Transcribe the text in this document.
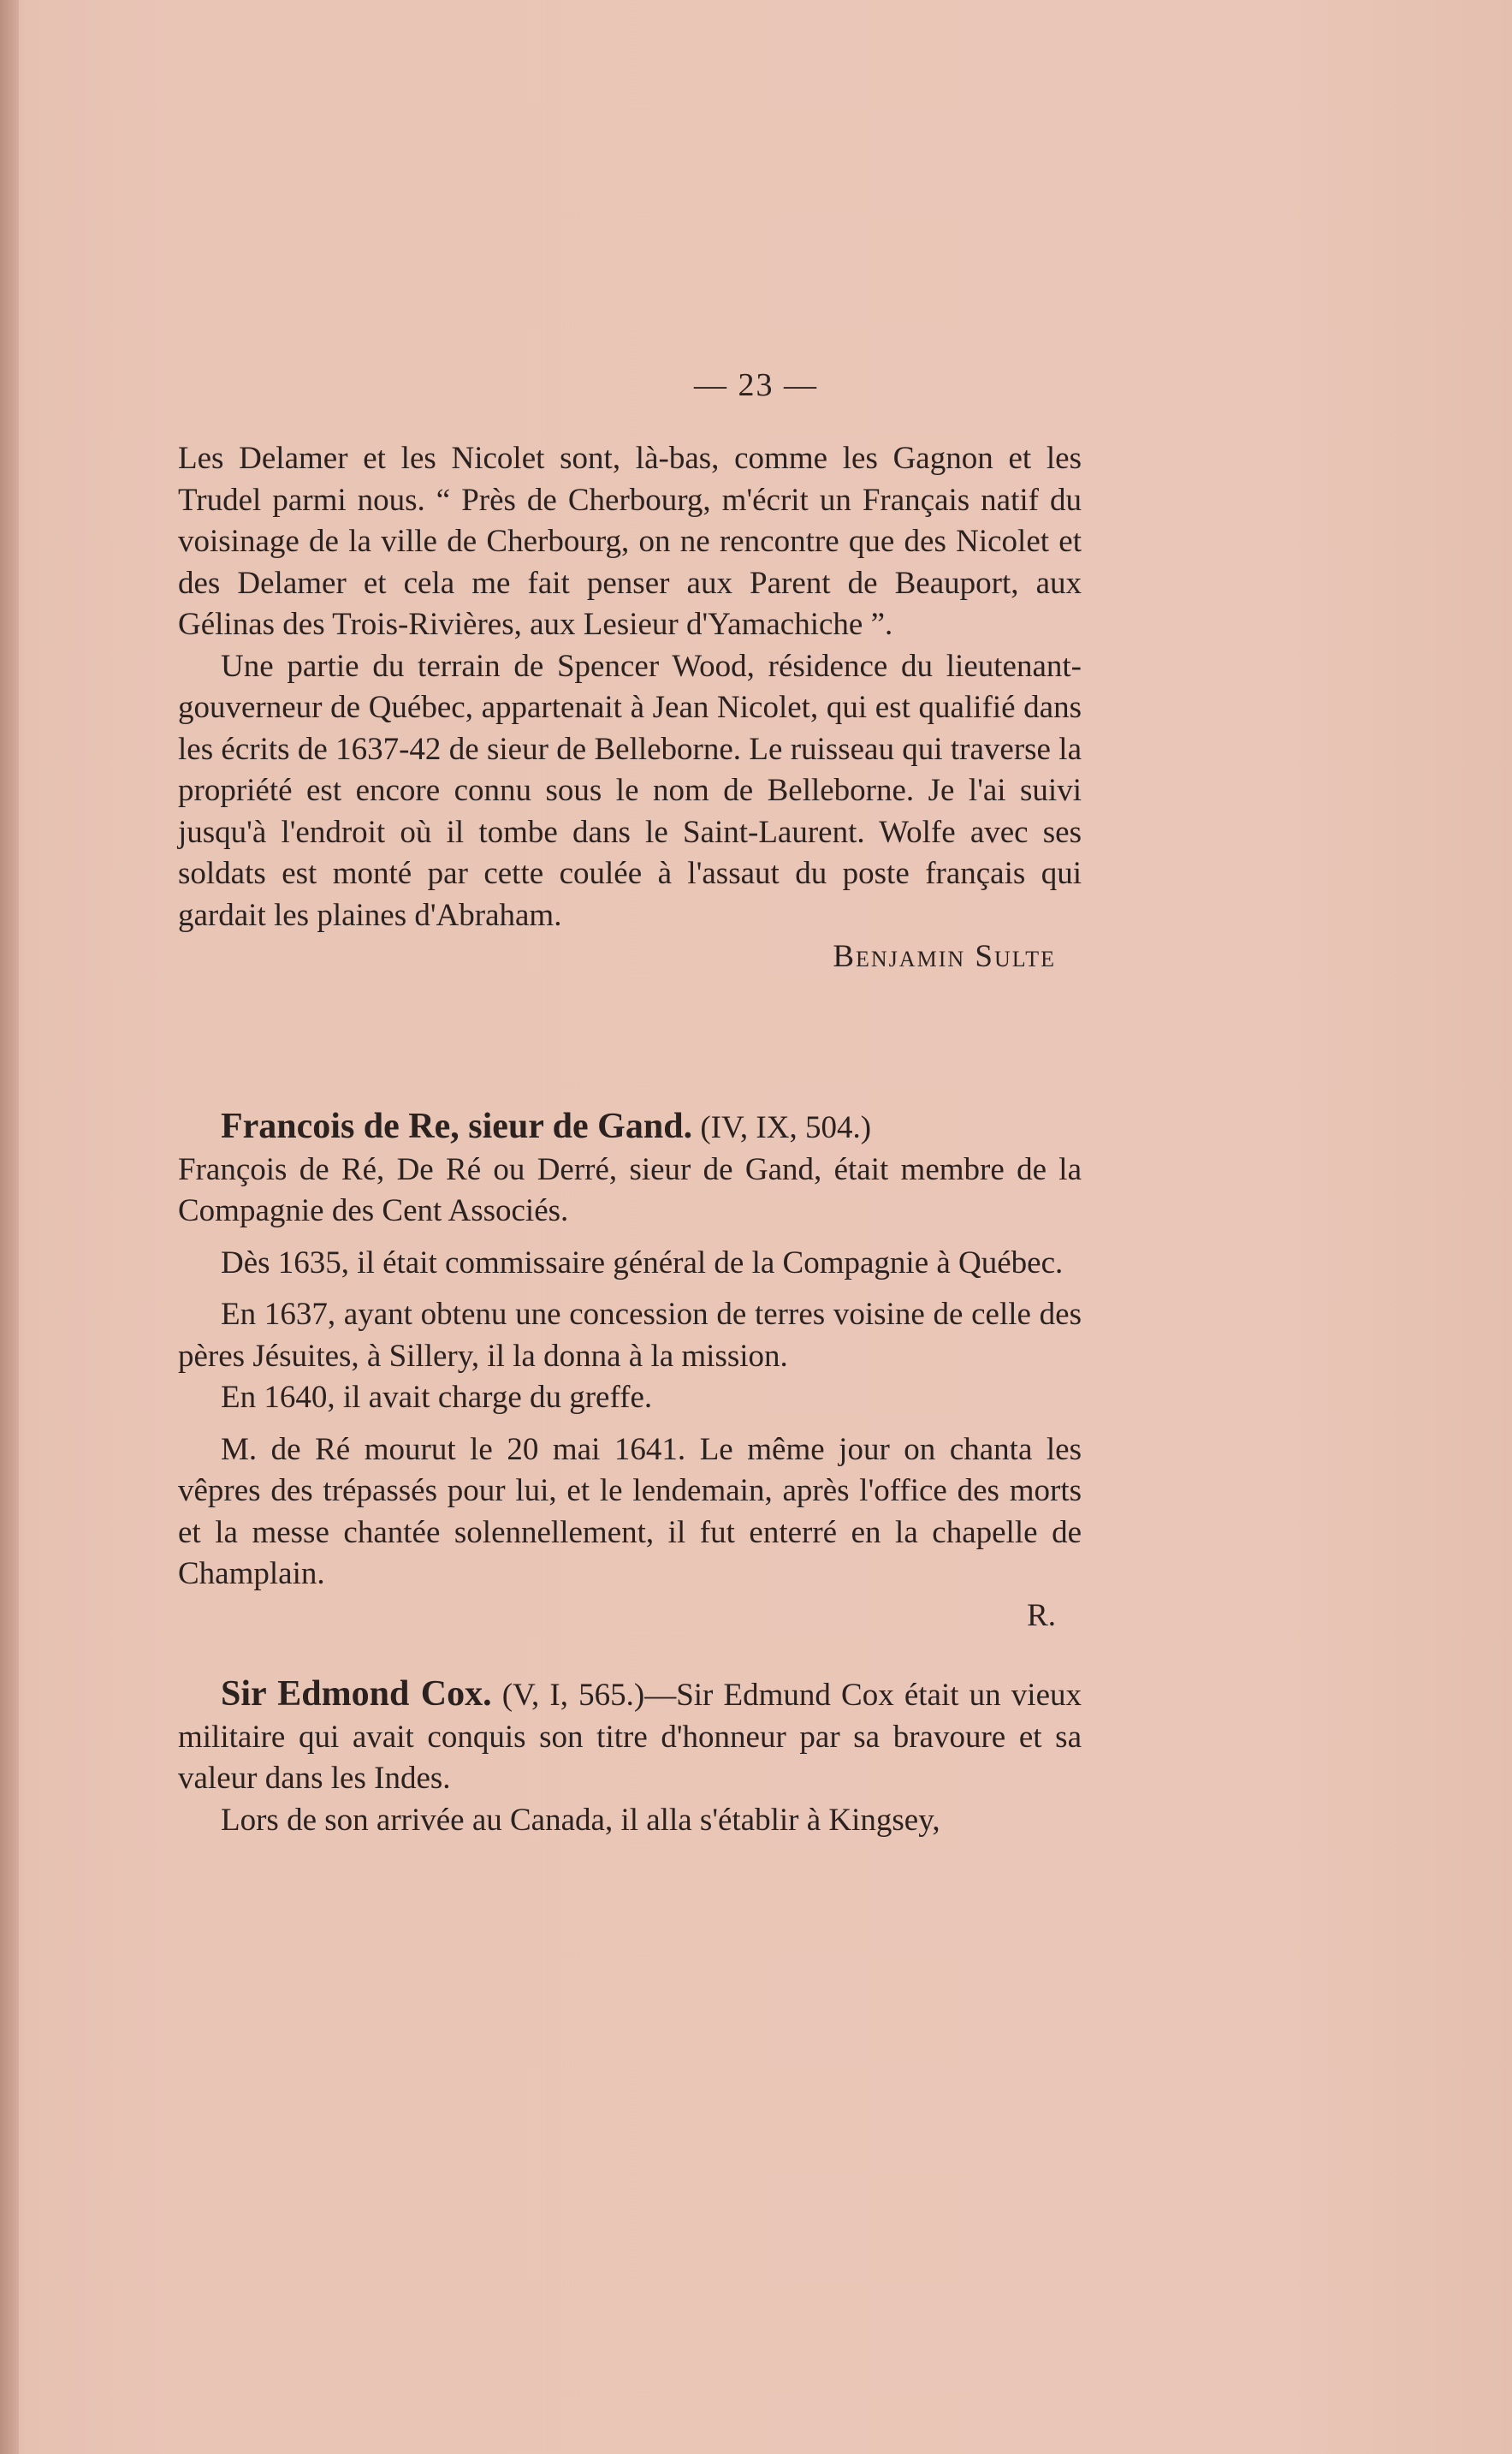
— 23 —

Les Delamer et les Nicolet sont, là-bas, comme les Gagnon et les Trudel parmi nous. “ Près de Cherbourg, m'écrit un Français natif du voisinage de la ville de Cherbourg, on ne rencontre que des Nicolet et des Delamer et cela me fait penser aux Parent de Beauport, aux Gélinas des Trois-Rivières, aux Lesieur d'Yamachiche ”.

Une partie du terrain de Spencer Wood, résidence du lieutenant-gouverneur de Québec, appartenait à Jean Nicolet, qui est qualifié dans les écrits de 1637-42 de sieur de Belleborne. Le ruisseau qui traverse la propriété est encore connu sous le nom de Belleborne. Je l'ai suivi jusqu'à l'endroit où il tombe dans le Saint-Laurent. Wolfe avec ses soldats est monté par cette coulée à l'assaut du poste français qui gardait les plaines d'Abraham.

Benjamin Sulte

Francois de Re, sieur de Gand. (IV, IX, 504.)

François de Ré, De Ré ou Derré, sieur de Gand, était membre de la Compagnie des Cent Associés.

Dès 1635, il était commissaire général de la Compagnie à Québec.

En 1637, ayant obtenu une concession de terres voisine de celle des pères Jésuites, à Sillery, il la donna à la mission.

En 1640, il avait charge du greffe.

M. de Ré mourut le 20 mai 1641. Le même jour on chanta les vêpres des trépassés pour lui, et le lendemain, après l'office des morts et la messe chantée solennellement, il fut enterré en la chapelle de Champlain.

R.

Sir Edmond Cox. (V, I, 565.)—Sir Edmund Cox était un vieux militaire qui avait conquis son titre d'honneur par sa bravoure et sa valeur dans les Indes.

Lors de son arrivée au Canada, il alla s'établir à Kingsey,
